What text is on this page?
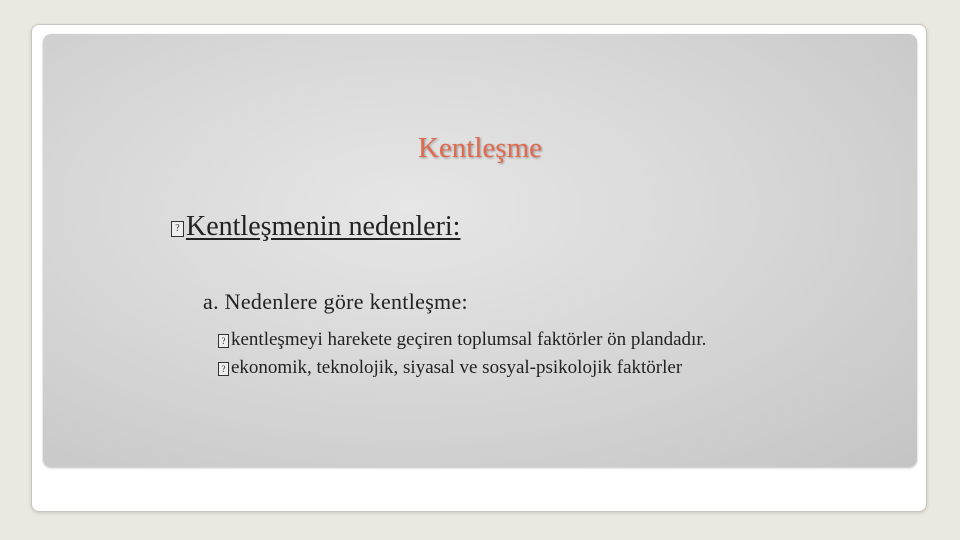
Kentleşme
? Kentleşmenin nedenleri:
a. Nedenlere göre kentleşme:
? kentleşmeyi harekete geçiren toplumsal faktörler ön plandadır.
? ekonomik, teknolojik, siyasal ve sosyal-psikolojik faktörler
